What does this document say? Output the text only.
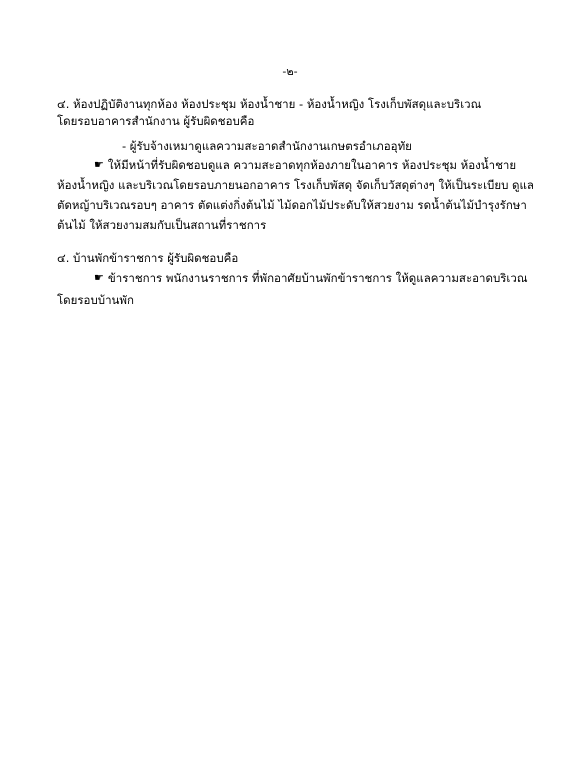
-๒-
๔. ห้องปฏิบัติงานทุกห้อง ห้องประชุม ห้องน้ำชาย - ห้องน้ำหญิง โรงเก็บพัสดุและบริเวณ
โดยรอบอาคารสำนักงาน ผู้รับผิดชอบคือ
- ผู้รับจ้างเหมาดูแลความสะอาดสำนักงานเกษตรอำเภออุทัย
☛ ให้มีหน้าที่รับผิดชอบดูแล ความสะอาดทุกห้องภายในอาคาร ห้องประชุม ห้องน้ำชาย
ห้องน้ำหญิง และบริเวณโดยรอบภายนอกอาคาร โรงเก็บพัสดุ จัดเก็บวัสดุต่างๆ ให้เป็นระเบียบ ดูแล
ตัดหญ้าบริเวณรอบๆ อาคาร ตัดแต่งกิ่งต้นไม้ ไม้ดอกไม้ประดับให้สวยงาม รดน้ำต้นไม้บำรุงรักษา
ต้นไม้ ให้สวยงามสมกับเป็นสถานที่ราชการ
๔. บ้านพักข้าราชการ ผู้รับผิดชอบคือ
☛ ข้าราชการ พนักงานราชการ ที่พักอาศัยบ้านพักข้าราชการ ให้ดูแลความสะอาดบริเวณ
โดยรอบบ้านพัก
